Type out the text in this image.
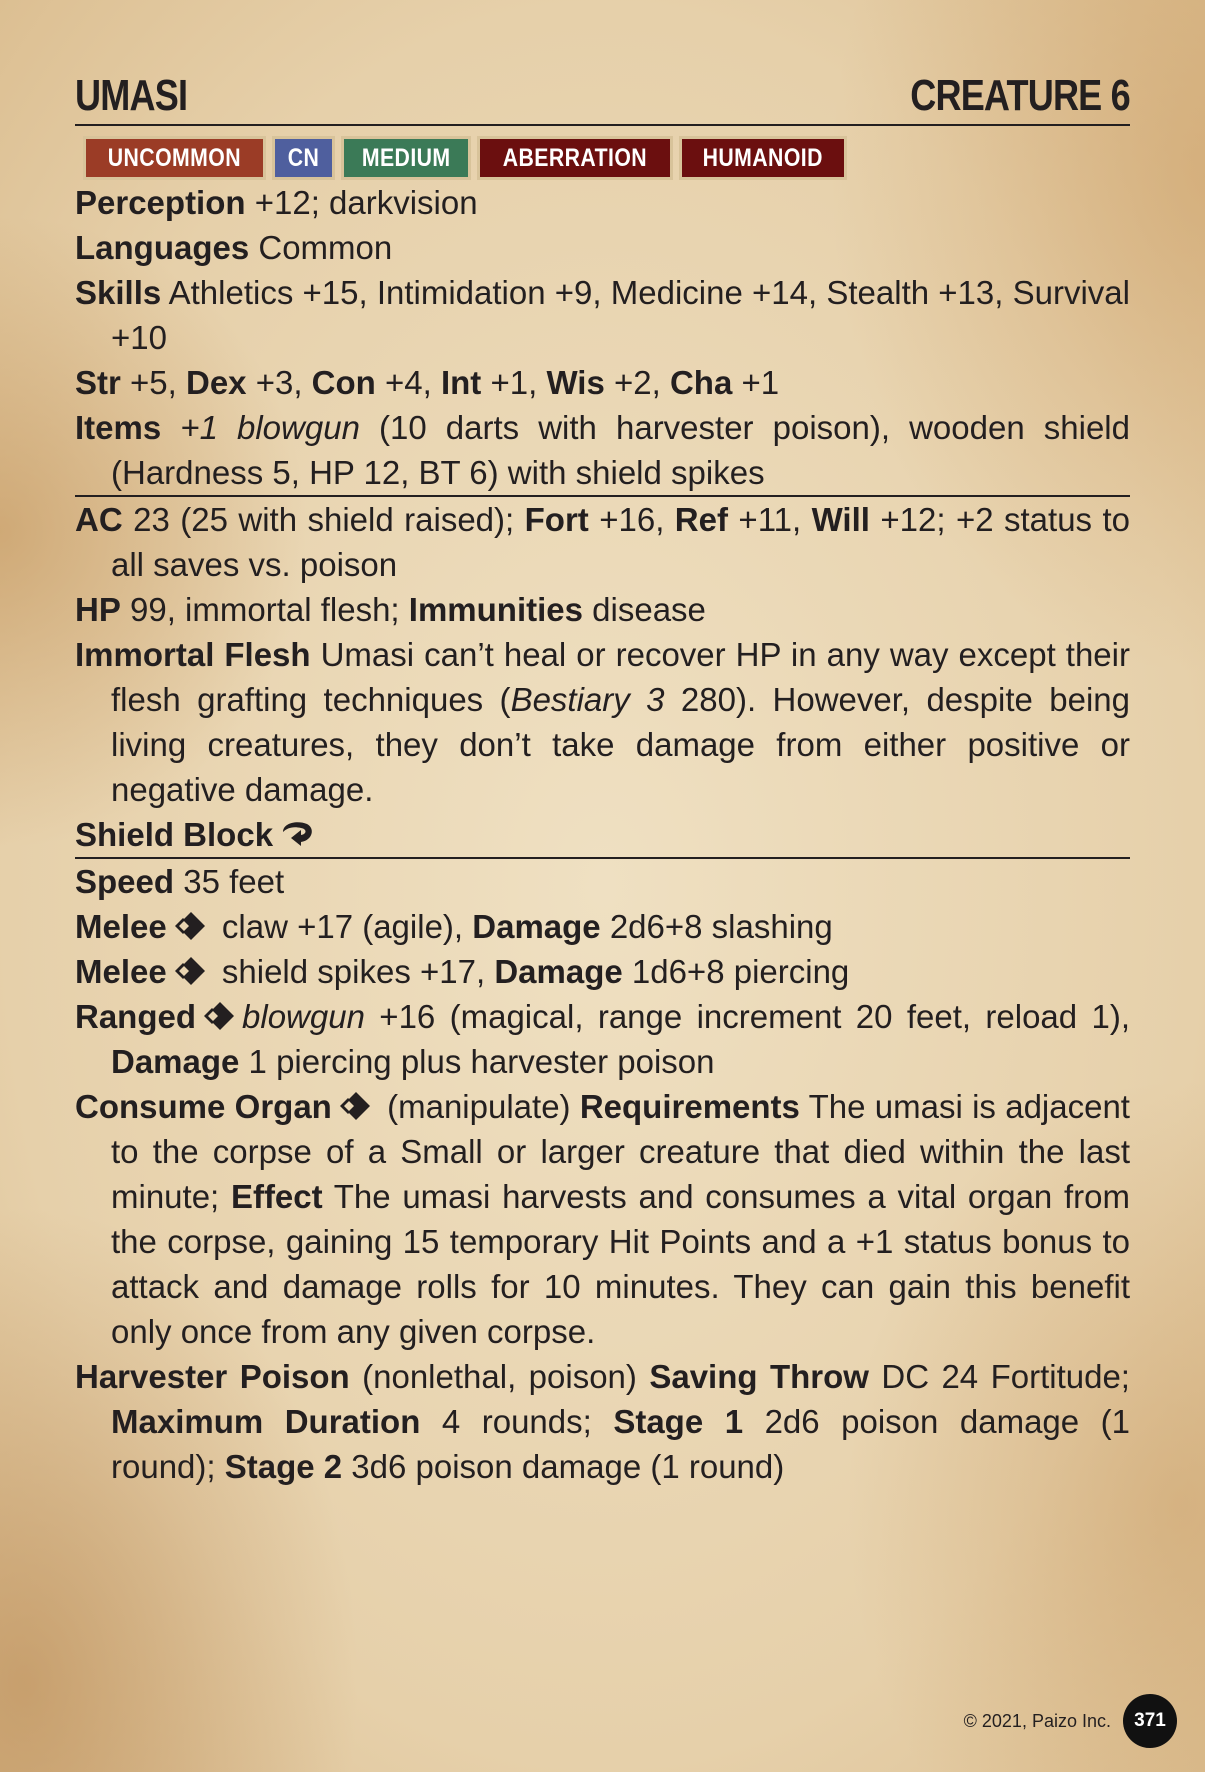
UMASI	CREATURE 6
UNCOMMON CN MEDIUM ABERRATION HUMANOID

Perception +12; darkvision

Languages Common

Skills Athletics +15, Intimidation +9, Medicine +14, Stealth +13, Survival +10

Str +5, Dex +3, Con +4, Int +1, Wis +2, Cha +1

Items +1 blowgun (10 darts with harvester poison), wooden shield (Hardness 5, HP 12, BT 6) with shield spikes

AC 23 (25 with shield raised); Fort +16, Ref +11, Will +12; +2 status to all saves vs. poison

HP 99, immortal flesh; Immunities disease

Immortal Flesh Umasi can’t heal or recover HP in any way except their flesh grafting techniques (Bestiary 3 280). However, despite being living creatures, they don’t take damage from either positive or negative damage.

Shield Block

Speed 35 feet

Melee claw +17 (agile), Damage 2d6+8 slashing

Melee shield spikes +17, Damage 1d6+8 piercing

Ranged blowgun +16 (magical, range increment 20 feet, reload 1), Damage 1 piercing plus harvester poison

Consume Organ (manipulate) Requirements The umasi is adjacent to the corpse of a Small or larger creature that died within the last minute; Effect The umasi harvests and consumes a vital organ from the corpse, gaining 15 temporary Hit Points and a +1 status bonus to attack and damage rolls for 10 minutes. They can gain this benefit only once from any given corpse.

Harvester Poison (nonlethal, poison) Saving Throw DC 24 Fortitude; Maximum Duration 4 rounds; Stage 1 2d6 poison damage (1 round); Stage 2 3d6 poison damage (1 round)

© 2021, Paizo Inc.	371
